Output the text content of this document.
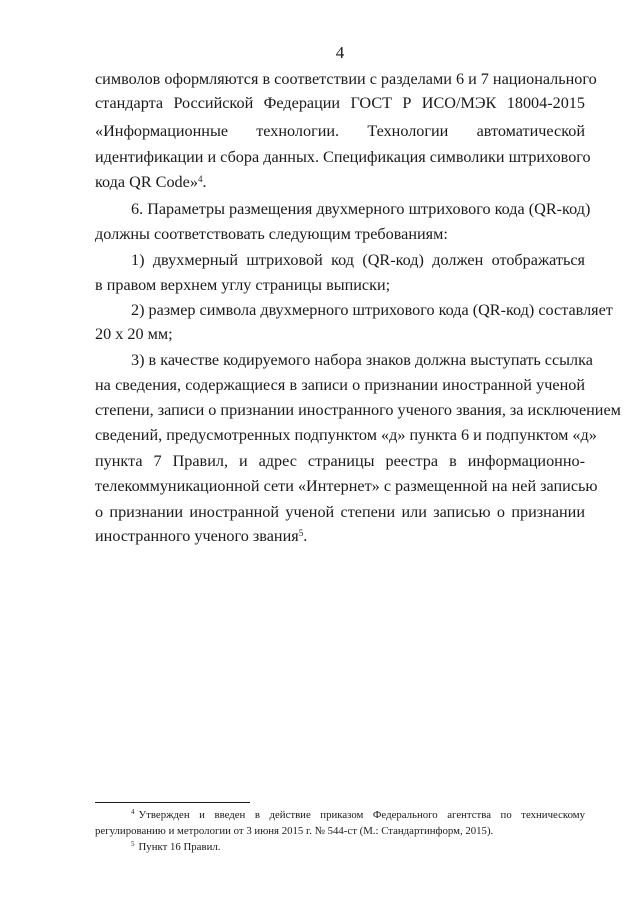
4
символов оформляются в соответствии с разделами 6 и 7 национального
стандарта Российской Федерации ГОСТ Р ИСО/МЭК 18004-2015
«Информационные технологии. Технологии автоматической
идентификации и сбора данных. Спецификация символики штрихового
кода QR Code»$^4$.
6. Параметры размещения двухмерного штрихового кода (QR-код)
должны соответствовать следующим требованиям:
1) двухмерный штриховой код (QR-код) должен отображаться
в правом верхнем углу страницы выписки;
2) размер символа двухмерного штрихового кода (QR-код) составляет
20 x 20 мм;
3) в качестве кодируемого набора знаков должна выступать ссылка
на сведения, содержащиеся в записи о признании иностранной ученой
степени, записи о признании иностранного ученого звания, за исключением
сведений, предусмотренных подпунктом «д» пункта 6 и подпунктом «д»
пункта 7 Правил, и адрес страницы реестра в информационно-
телекоммуникационной сети «Интернет» с размещенной на ней записью
о признании иностранной ученой степени или записью о признании
иностранного ученого звания$^5$.
$^4$ Утвержден и введен в действие приказом Федерального агентства по техническому
регулированию и метрологии от 3 июня 2015 г. № 544-ст (М.: Стандартинформ, 2015).
$^5$ Пункт 16 Правил.
